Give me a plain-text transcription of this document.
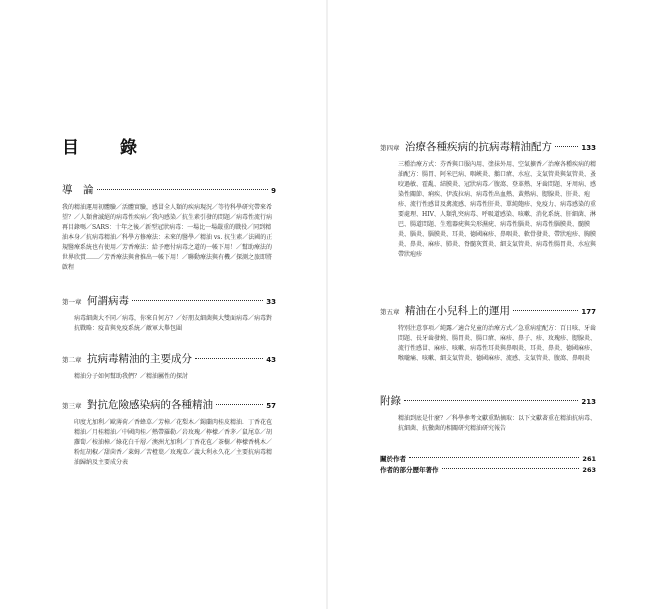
目　錄
導　論	9
我的精油運用初體驗／活體實驗，感冒全人類的疾病現況／等待科學研究帶來希望？／人類會滅絕的病毒性疾病／我內感染／抗生素引發的問題／病毒性流行病再目錄嗎／SARS：十年之後／新型冠狀病毒：一場比一場嚴重的戰役／同到精油本身／抗病毒精油／科學方修療法：未來的醫學／精油 vs. 抗生素／法國的正規醫療系統也有使用／芳香療法：給予應付病毒之道的一帳下用！／幫助療法的世界欣賞……／芳香療法與會推出一帳下用！／聯動療法與有機／探測之旅即將啟程
第一章 何謂病毒	33
病毒細菌大不同／病毒，你來自何方？／好朋友細菌與大雙面病毒／病毒對抗戰略：疫苗與免疫系統／敵軍大舉包圍
第二章 抗病毒精油的主要成分	43
精油分子如何幫助我們？／精油屬性的探討
第三章 對抗危險感染病的各種精油	57
印度尤加利／歐薄荷／香蜂草／芳樟／花梨木／錫蘭肉桂皮精油．丁香花苞精油／月桂精油／中國肉桂／熱帶羅勒／岩玫瑰／檸檬／香茅／鼠尾草／胡蘿蔔／桉油樟／綠花白千層／澳洲尤加利／丁香花苞／茶樹／檸檬香桃木／粉紅胡椒／甜茴香／萊姆／苦橙葉／玫瑰草／義大利永久花／主要抗病毒精油歸納及主要成分表
第四章 治療各種疾病的抗病毒精油配方	133
三種治療方式：芬香與口服內用、塗抹外用、空氣擴香／治療各種疾病的精油配方：腸胃、阿米巴病、咽峽炎、鵝口瘡、水痘、支氣管炎與氣管炎、蚤咬過敏、霍亂、結膜炎、冠狀病毒／腹瀉、登革熱、牙齒問題、牙周病、感染性關節、痢疾、伊波拉病、病毒性出血熱、黃熱病、腮腺炎、肝炎、疱疹、流行性感冒及禽流感、病毒性肝炎、單純皰疹、免疫力、病毒感染的重要處理、HIV、人類乳突病毒、呼吸道感染、咳嗽、消化系統、肝細菌、淋巴、腸道問題、生殖器疣與尖形濕疣、病毒性腦炎、病毒性腦膜炎、髓膜炎、腦炎、腦膜炎、耳炎、德國麻疹、鼻咽炎、軟骨發炎、帶狀疱疹、胸膜炎、鼻炎、麻疹、肺炎、脊髓灰質炎、細支氣管炎、病毒性腸胃炎、水痘與帶狀疱疹
第五章 精油在小兒科上的運用	177
特別注意事項／純露／適合兒童的治療方式／急重病症配方：百日咳、牙齒問題、長牙齒發燒、腸胃炎、腸口瘡、麻疹、鼻子、疹、玫瑰疹、腮腺炎、流行性感冒、麻疹、咳嗽、病毒性耳炎與鼻咽炎、耳炎、鼻炎、德國麻疹、喉嚨痛、咳嗽、細支氣管炎、德國麻疹、流感、支氣管炎、腹瀉、鼻咽炎
附錄	213
精油到底是什麼？／科學參考文獻重點摘取：以下文獻著重在精油抗病毒、抗細菌、抗黴菌的相關研究精油研究報告
關於作者	261
作者的部分歷年著作	263
